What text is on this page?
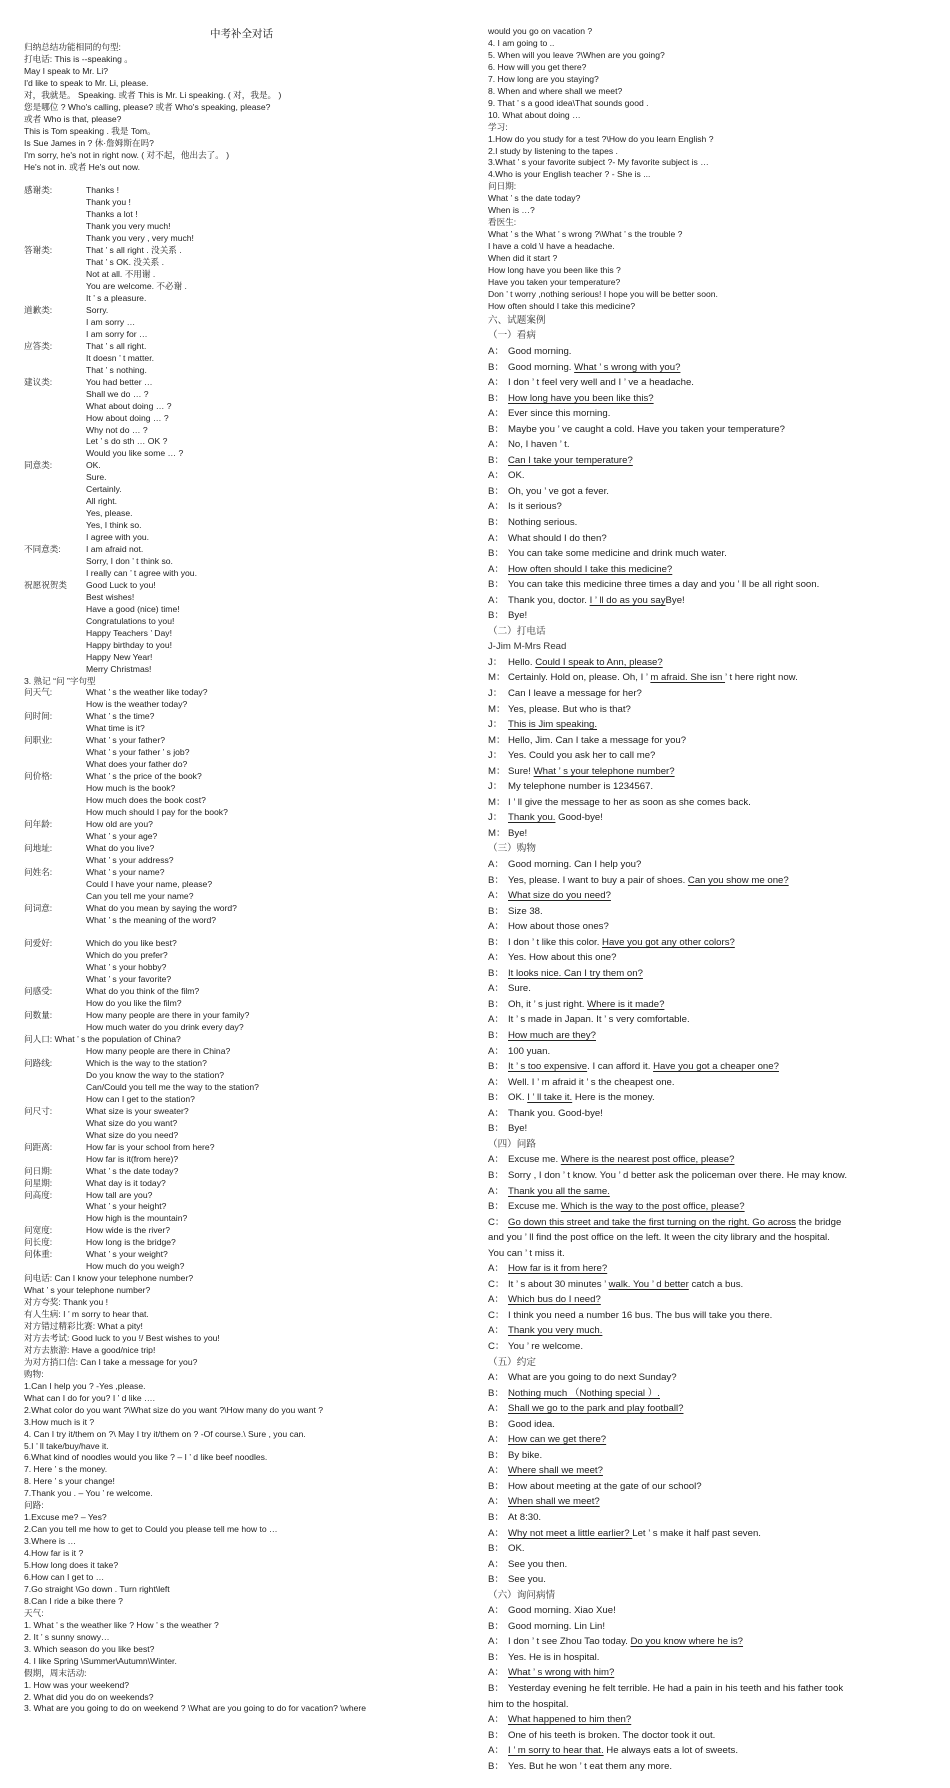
中考补全对话
归纳总结功能相同的句型:
打电话: This is --speaking 。
May I speak to Mr. Li?
I'd like to speak to Mr. Li, please.
对，我就是。 Speaking. 或者 This is Mr. Li speaking. ( 对，我是。 )
您是哪位 ? Who's calling, please? 或者 Who's speaking, please?
或者 Who is that, please?
This is Tom speaking . 我是 Tom。
Is Sue James in ? 休·詹姆斯在吗?
I'm sorry, he's not in right now. ( 对不起，他出去了。 )
He's not in. 或者 He's out now.

感谢类:	Thanks !

Thank you !

Thanks a lot !

Thank you very much!

Thank you very , very much!
答谢类:	That ’ s all right . 没关系 .

That ’ s OK. 没关系 .

Not at all. 不用谢 .

You are welcome. 不必谢 .

It ’ s a pleasure.
道歉类:	Sorry.

I am sorry …

I am sorry for …
应答类:	That ’ s all right.

It doesn ’ t matter.

That ’ s nothing.
建议类:	You had better …

Shall we do … ?

What about doing … ?

How about doing … ?

Why not do … ?

Let ’ s do sth … OK ?

Would you like some … ?
同意类:	OK.

Sure.

Certainly.

All right.

Yes, please.

Yes, I think so.

I agree with you.
不同意类:	I am afraid not.

Sorry, I don ’ t think so.

I really can ’ t agree with you.
祝愿祝贺类	Good Luck to you!

Best wishes!

Have a good (nice) time!

Congratulations to you!

Happy Teachers ’ Day!

Happy birthday to you!

Happy New Year!

Merry Christmas!
3. 熟记 “问 ”字句型
问天气:	What ’ s the weather like today?

How is the weather today?
问时间:	What ’ s the time?

What time is it?
问职业:	What ’ s your father?

What ’ s your father ’ s job?

What does your father do?
问价格:	What ’ s the price of the book?

How much is the book?

How much does the book cost?

How much should I pay for the book?
问年龄:	How old are you?

What ’ s your age?
问地址:	What do you live?

What ’ s your address?
问姓名:	What ’ s your name?

Could I have your name, please?

Can you tell me your name?
问词意:	What do you mean by saying the word?

What ’ s the meaning of the word?

问爱好:	Which do you like best?

Which do you prefer?

What ’ s your hobby?

What ’ s your favorite?
问感受:	What do you think of the film?

How do you like the film?
问数量:	How many people are there in your family?

How much water do you drink every day?
问人口: What ’ s the population of China?

How many people are there in China?
问路线:	Which is the way to the station?

Do you know the way to the station?

Can/Could you tell me the way to the station?

How can I get to the station?
问尺寸:	What size is your sweater?

What size do you want?

What size do you need?
问距离:	How far is your school from here?

How far is it(from here)?
问日期:	What ’ s the date today?
问星期:	What day is it today?
问高度:	How tall are you?

What ’ s your height?

How high is the mountain?
问宽度:	How wide is the river?
问长度:	How long is the bridge?
问体重:	What ’ s your weight?

How much do you weigh?
问电话: Can I know your telephone number?
What ’ s your telephone number?
对方夸奖: Thank you !
有人生病: I ’ m sorry to hear that.
对方错过精彩比赛: What a pity!
对方去考试: Good luck to you !/ Best wishes to you!
对方去旅游: Have a good/nice trip!
为对方捎口信: Can I take a message for you?
购物:
1.Can I help you ? -Yes ,please.
What can I do for you? I ’ d like ….
2.What color do you want ?\What size do you want ?\How many do you want ?
3.How much is it ?
4. Can I try it/them on ?\ May I try it/them on ? -Of course.\ Sure , you can.
5.I ’ ll take/buy/have it.
6.What kind of noodles would you like ? – I ’ d like beef noodles.
7. Here ’ s the money.
8. Here ’ s your change!
7.Thank you . – You ’ re welcome.
问路:
1.Excuse me? – Yes?
2.Can you tell me how to get to Could you please tell me how to …
3.Where is …
4.How far is it ?
5.How long does it take?
6.How can I get to …
7.Go straight \Go down . Turn right\left
8.Can I ride a bike there ?
天气:
1. What ’ s the weather like ? How ’ s the weather ?
2. It ’ s sunny snowy…
3. Which season do you like best?
4. I like Spring \Summer\Autumn\Winter.
假期，周末活动:
1. How was your weekend?
2. What did you do on weekends?
3. What are you going to do on weekend ? \What are you going to do for vacation? \where
would you go on vacation ?
4. I am going to ..
5. When will you leave ?\When are you going?
6. How will you get there?
7. How long are you staying?
8. When and where shall we meet?
9. That ’ s a good idea\That sounds good .
10. What about doing …
学习:
1.How do you study for a test ?\How do you learn English ?
2.I study by listening to the tapes .
3.What ’ s your favorite subject ?- My favorite subject is …
4.Who is your English teacher ? - She is ...
问日期:
What ’ s the date today?
When is …?
看医生:
What ’ s the What ’ s wrong ?\What ’ s the trouble ?
I have a cold \I have a headache.
When did it start ?
How long have you been like this ?
Have you taken your temperature?
Don ’ t worry ,nothing serious! I hope you will be better soon.
How often should I take this medicine?
六、试题案例
（一）看病
A： Good morning.
B： Good morning. What ’ s wrong with you?
A： I don ’ t feel very well and I ’ ve a headache.
B： How long have you been like this?
A： Ever since this morning.
B： Maybe you ’ ve caught a cold. Have you taken your temperature?
A： No, I haven ’ t.
B： Can I take your temperature?
A： OK.
B： Oh, you ’ ve got a fever.
A： Is it serious?
B： Nothing serious.
A： What should I do then?
B： You can take some medicine and drink much water.
A： How often should I take this medicine?
B： You can take this medicine three times a day and you ’ ll be all right soon.
A： Thank you, doctor. I ’ ll do as you sayBye!
B： Bye!
（二）打电话
J-Jim M-Mrs Read
J： Hello. Could I speak to Ann, please?
M： Certainly. Hold on, please. Oh, I ’ m afraid. She isn ’ t here right now.
J： Can I leave a message for her?
M： Yes, please. But who is that?
J： This is Jim speaking.
M： Hello, Jim. Can I take a message for you?
J： Yes. Could you ask her to call me?
M： Sure! What ’ s your telephone number?
J： My telephone number is 1234567.
M： I ’ ll give the message to her as soon as she comes back.
J： Thank you. Good-bye!
M： Bye!
（三）购物
A： Good morning. Can I help you?
B： Yes, please. I want to buy a pair of shoes. Can you show me one?
A： What size do you need?
B： Size 38.
A： How about those ones?
B： I don ’ t like this color. Have you got any other colors?
A： Yes. How about this one?
B： It looks nice. Can I try them on?
A： Sure.
B： Oh, it ’ s just right. Where is it made?
A： It ’ s made in Japan. It ’ s very comfortable.
B： How much are they?
A： 100 yuan.
B： It ’ s too expensive. I can afford it. Have you got a cheaper one?
A： Well. I ’ m afraid it ’ s the cheapest one.
B： OK. I ’ ll take it. Here is the money.
A： Thank you. Good-bye!
B： Bye!
（四）问路
A： Excuse me. Where is the nearest post office, please?
B： Sorry , I don ’ t know. You ’ d better ask the policeman over there. He may know.
A： Thank you all the same.
B： Excuse me. Which is the way to the post office, please?
C： Go down this street and take the first turning on the right. Go across the bridge
and you ’ ll find the post office on the left. It ween the city library and the hospital.
You can ’ t miss it.
A： How far is it from here?
C： It ’ s about 30 minutes ’ walk. You ’ d better catch a bus.
A： Which bus do I need?
C： I think you need a number 16 bus. The bus will take you there.
A： Thank you very much.
C： You ’ re welcome.
（五）约定
A： What are you going to do next Sunday?
B： Nothing much （Nothing special ）.
A： Shall we go to the park and play football?
B： Good idea.
A： How can we get there?
B： By bike.
A： Where shall we meet?
B： How about meeting at the gate of our school?
A： When shall we meet?
B： At 8:30.
A： Why not meet a little earlier? Let ’ s make it half past seven.
B： OK.
A： See you then.
B： See you.
（六）询问病情
A： Good morning. Xiao Xue!
B： Good morning. Lin Lin!
A： I don ’ t see Zhou Tao today. Do you know where he is?
B： Yes. He is in hospital.
A： What ’ s wrong with him?
B： Yesterday evening he felt terrible. He had a pain in his teeth and his father took
him to the hospital.
A： What happened to him then?
B： One of his teeth is broken. The doctor took it out.
A： I ’ m sorry to hear that. He always eats a lot of sweets.
B： Yes. But he won ’ t eat them any more.
